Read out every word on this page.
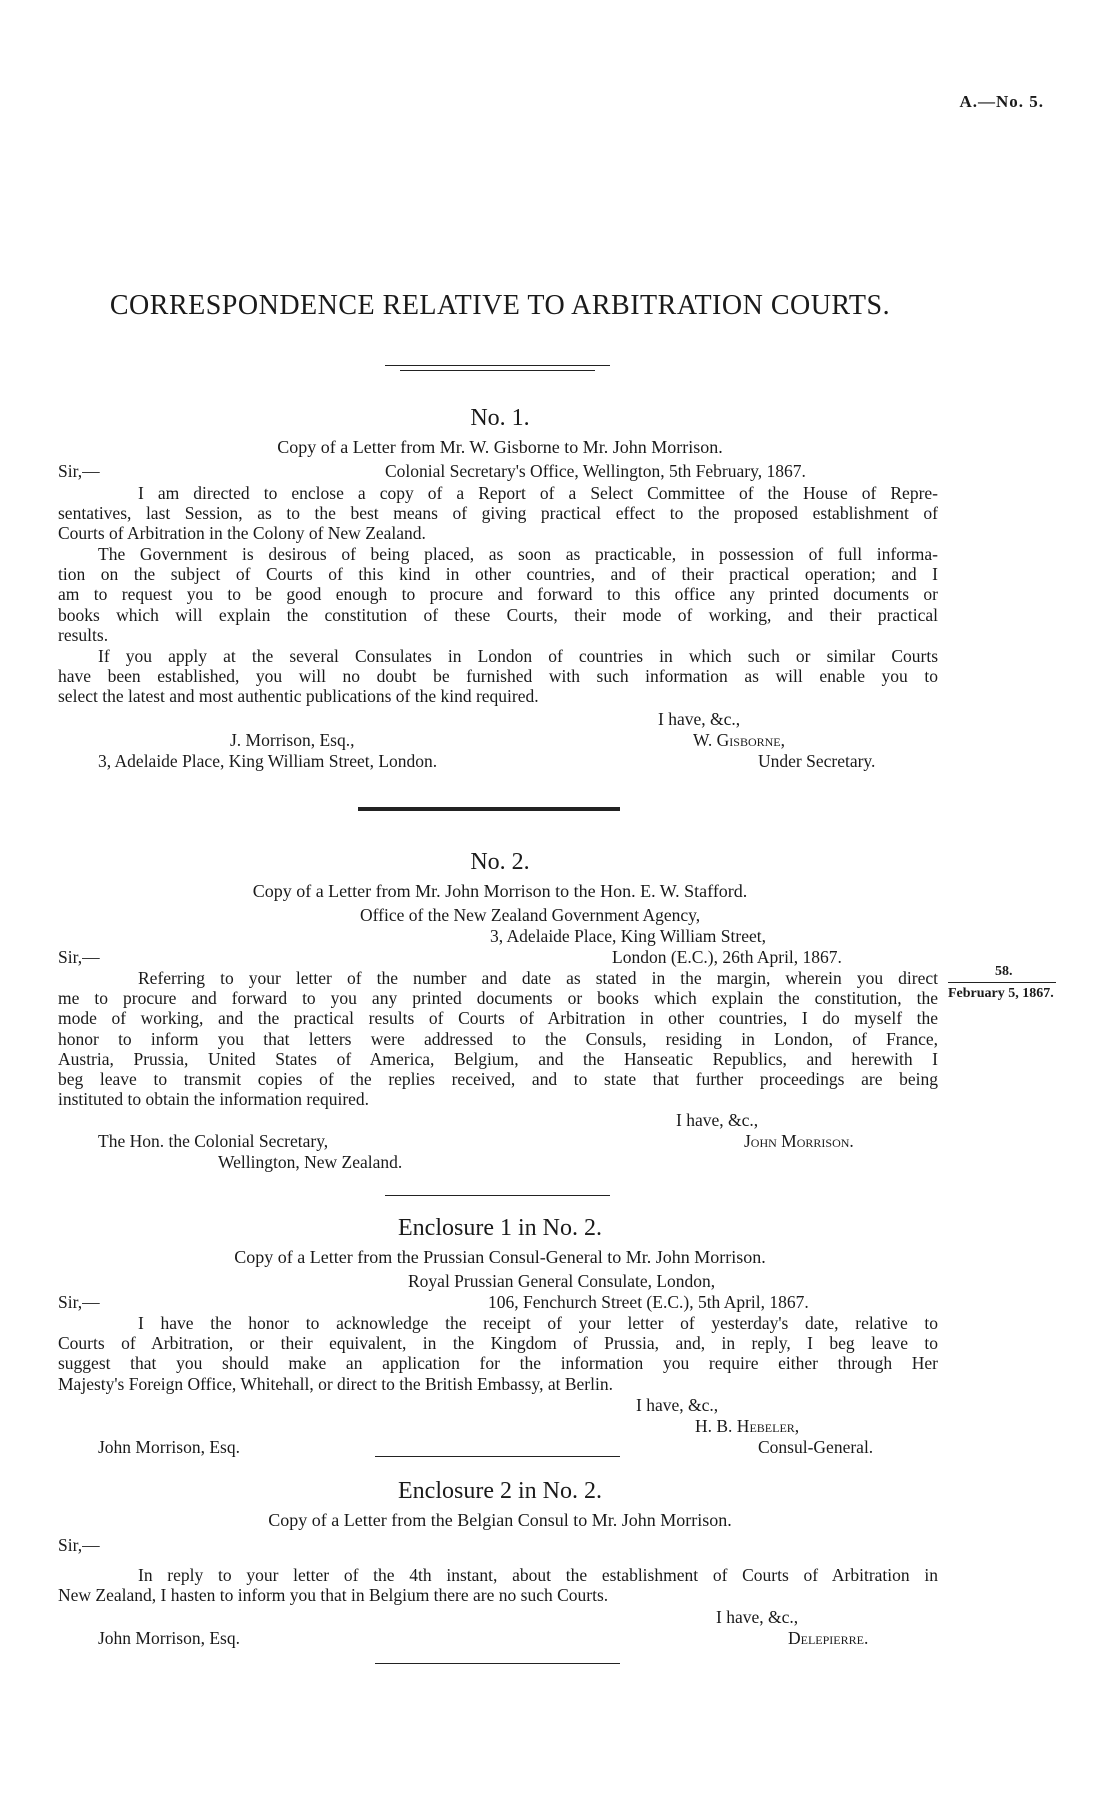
A.—No. 5.
CORRESPONDENCE RELATIVE TO ARBITRATION COURTS.
No. 1.
Copy of a Letter from Mr. W. Gisborne to Mr. John Morrison.
Sir,—	Colonial Secretary's Office, Wellington, 5th February, 1867.
I am directed to enclose a copy of a Report of a Select Committee of the House of Repre-
sentatives, last Session, as to the best means of giving practical effect to the proposed establishment of
Courts of Arbitration in the Colony of New Zealand.
The Government is desirous of being placed, as soon as practicable, in possession of full informa-
tion on the subject of Courts of this kind in other countries, and of their practical operation; and I
am to request you to be good enough to procure and forward to this office any printed documents or
books which will explain the constitution of these Courts, their mode of working, and their practical
results.
If you apply at the several Consulates in London of countries in which such or similar Courts
have been established, you will no doubt be furnished with such information as will enable you to
select the latest and most authentic publications of the kind required.
I have, &c.,
J. Morrison, Esq.,	W. Gisborne,
3, Adelaide Place, King William Street, London.	Under Secretary.
No. 2.
Copy of a Letter from Mr. John Morrison to the Hon. E. W. Stafford.
Office of the New Zealand Government Agency,
3, Adelaide Place, King William Street,
Sir,—	London (E.C.), 26th April, 1867.
Referring to your letter of the number and date as stated in the margin, wherein you direct
me to procure and forward to you any printed documents or books which explain the constitution, the
mode of working, and the practical results of Courts of Arbitration in other countries, I do myself the
honor to inform you that letters were addressed to the Consuls, residing in London, of France,
Austria, Prussia, United States of America, Belgium, and the Hanseatic Republics, and herewith I
beg leave to transmit copies of the replies received, and to state that further proceedings are being
instituted to obtain the information required.
58.
February 5, 1867.
I have, &c.,
The Hon. the Colonial Secretary,	John Morrison.
Wellington, New Zealand.
Enclosure 1 in No. 2.
Copy of a Letter from the Prussian Consul-General to Mr. John Morrison.
Royal Prussian General Consulate, London,
Sir,—	106, Fenchurch Street (E.C.), 5th April, 1867.
I have the honor to acknowledge the receipt of your letter of yesterday's date, relative to
Courts of Arbitration, or their equivalent, in the Kingdom of Prussia, and, in reply, I beg leave to
suggest that you should make an application for the information you require either through Her
Majesty's Foreign Office, Whitehall, or direct to the British Embassy, at Berlin.
I have, &c.,
H. B. Hebeler,
John Morrison, Esq.	Consul-General.
Enclosure 2 in No. 2.
Copy of a Letter from the Belgian Consul to Mr. John Morrison.
Sir,—
In reply to your letter of the 4th instant, about the establishment of Courts of Arbitration in
New Zealand, I hasten to inform you that in Belgium there are no such Courts.
I have, &c.,
John Morrison, Esq.	Delepierre.
